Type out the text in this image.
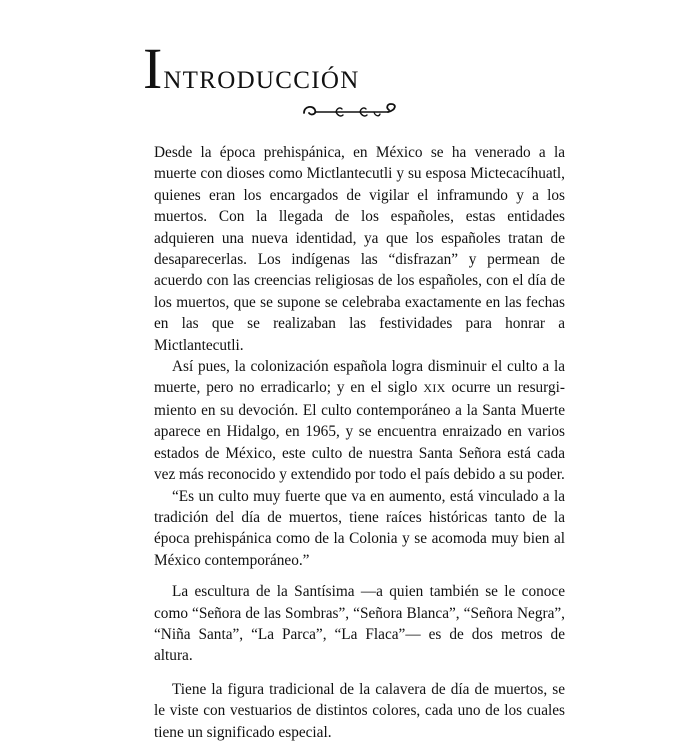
INTRODUCCIÓN

Desde la época prehispánica, en México se ha venerado a la muerte con dioses como Mictlantecutli y su esposa Mictecacíhuatl, quienes eran los encargados de vigilar el inframundo y a los muertos. Con la llegada de los españoles, estas entidades adquieren una nueva identidad, ya que los españoles tratan de desaparecerlas. Los indígenas las “disfrazan” y permean de acuerdo con las creencias religiosas de los españoles, con el día de los muertos, que se supone se celebraba exactamente en las fechas en las que se realizaban las festividades para honrar a Mictlantecutli.

Así pues, la colonización española logra disminuir el culto a la muerte, pero no erradicarlo; y en el siglo XIX ocurre un resurgimiento en su devoción. El culto contemporáneo a la Santa Muerte aparece en Hidalgo, en 1965, y se encuentra enraizado en varios estados de México, este culto de nuestra Santa Señora está cada vez más reconocido y extendido por todo el país debido a su poder.

“Es un culto muy fuerte que va en aumento, está vinculado a la tradición del día de muertos, tiene raíces históricas tanto de la época prehispánica como de la Colonia y se acomoda muy bien al México contemporáneo.”

La escultura de la Santísima —a quien también se le conoce como “Señora de las Sombras”, “Señora Blanca”, “Señora Negra”, “Niña Santa”, “La Parca”, “La Flaca”— es de dos metros de altura.

Tiene la figura tradicional de la calavera de día de muertos, se le viste con vestuarios de distintos colores, cada uno de los cuales tiene un significado especial.
